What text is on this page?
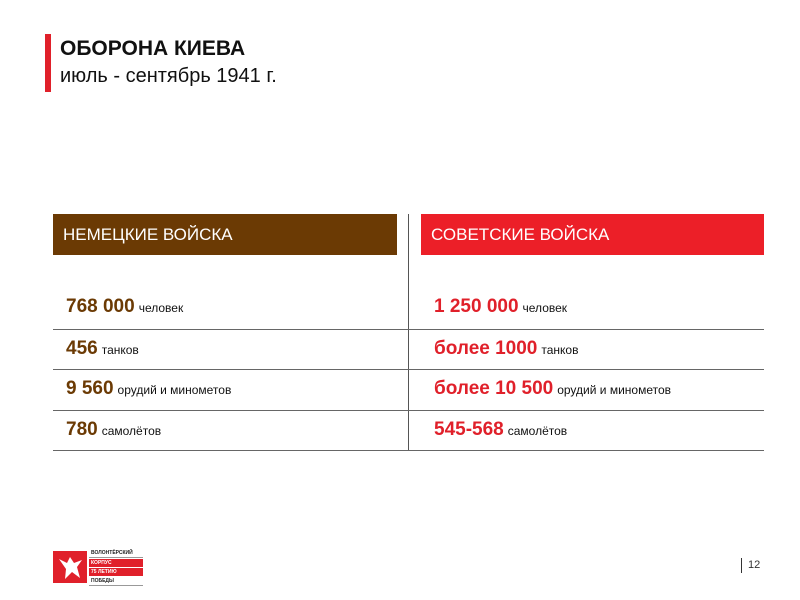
ОБОРОНА КИЕВА
июль - сентябрь 1941 г.
НЕМЕЦКИЕ ВОЙСКА	СОВЕТСКИЕ ВОЙСКА
768 000 человек	1 250 000 человек
456 танков	более 1000 танков
9 560 орудий и минометов	более 10 500 орудий и минометов
780 самолётов	545-568 самолётов
ВОЛОНТЁРСКИЙ
КОРПУС
75 ЛЕТИЮ
ПОБЕДЫ
12
